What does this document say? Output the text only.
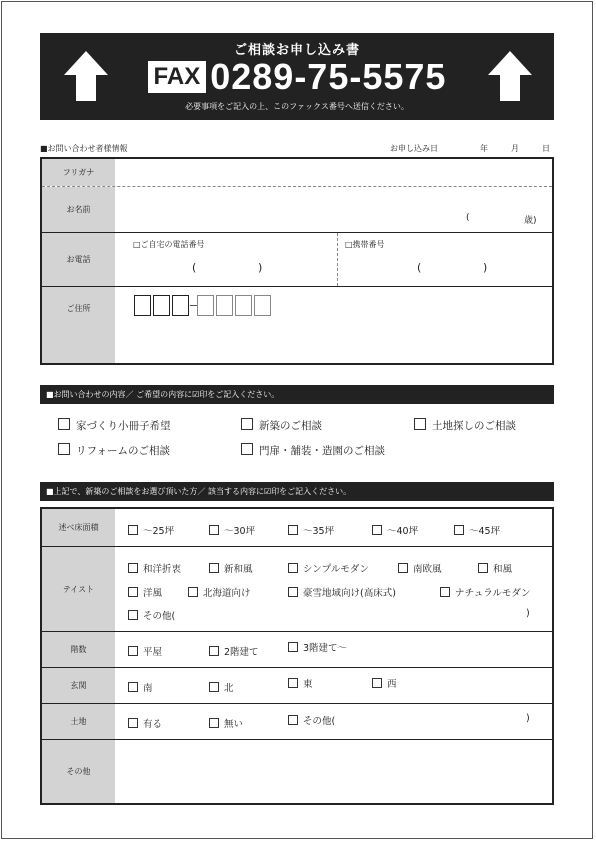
ご相談お申し込み書
FAX 0289-75-5575
必要事項をご記入の上、このファックス番号へ送信ください。
■お問い合わせ者様情報	お申し込み日	年	月	日
フリガナ
お名前
(	歳)
お電話
□ご自宅の電話番号
(	)
□携帯番号
(	)
ご住所
■お問い合わせの内容／ ご希望の内容に☑印をご記入ください。
家づくり小冊子希望	新築のご相談	土地探しのご相談
リフォームのご相談	門扉・舗装・造園のご相談
■上記で、新築のご相談をお選び頂いた方／ 該当する内容に☑印をご記入ください。
述べ床面積	～25坪	～30坪	～35坪	～40坪	～45坪
テイスト
和洋折衷	新和風	シンプルモダン	南欧風	和風
洋風	北海道向け	豪雪地域向け(高床式)	ナチュラルモダン
その他(	)
階数	平屋	2階建て	3階建て～
玄関	南	北	東	西
土地	有る	無い	その他(	)
その他
